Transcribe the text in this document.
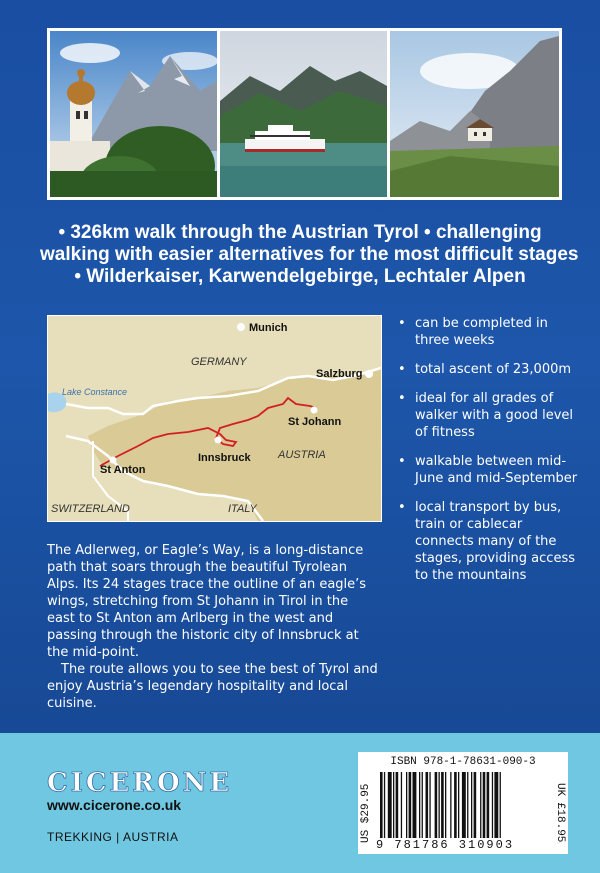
• 326km walk through the Austrian Tyrol • challenging
walking with easier alternatives for the most difficult stages
• Wilderkaiser, Karwendelgebirge, Lechtaler Alpen
Munich
GERMANY
Salzburg
Lake Constance
St Johann
Innsbruck AUSTRIA
St Anton
SWITZERLAND	ITALY
• can be completed in three weeks
• total ascent of 23,000m
• ideal for all grades of walker with a good level of fitness
• walkable between mid-June and mid-September
• local transport by bus, train or cablecar connects many of the stages, providing access to the mountains

The Adlerweg, or Eagle’s Way, is a long-distance path that soars through the beautiful Tyrolean Alps. Its 24 stages trace the outline of an eagle’s wings, stretching from St Johann in Tirol in the east to St Anton am Arlberg in the west and passing through the historic city of Innsbruck at the mid-point.

The route allows you to see the best of Tyrol and enjoy Austria’s legendary hospitality and local cuisine.

CICERONE
www.cicerone.co.uk
TREKKING | AUSTRIA
ISBN 978-1-78631-090-3
US $29.95	UK £18.95
9 781786 310903
